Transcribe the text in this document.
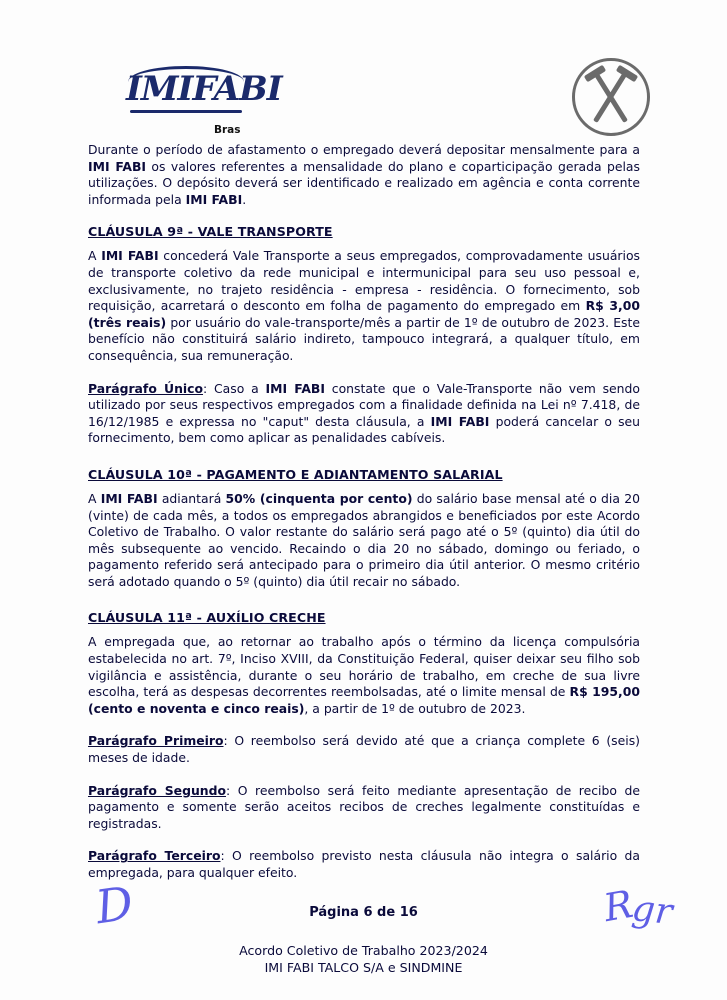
IMIFABI
Bras

Durante o período de afastamento o empregado deverá depositar mensalmente para a IMI FABI os valores referentes a mensalidade do plano e coparticipação gerada pelas utilizações. O depósito deverá ser identificado e realizado em agência e conta corrente informada pela IMI FABI.

CLÁUSULA 9ª - VALE TRANSPORTE

A IMI FABI concederá Vale Transporte a seus empregados, comprovadamente usuários de transporte coletivo da rede municipal e intermunicipal para seu uso pessoal e, exclusivamente, no trajeto residência - empresa - residência. O fornecimento, sob requisição, acarretará o desconto em folha de pagamento do empregado em R$ 3,00 (três reais) por usuário do vale-transporte/mês a partir de 1º de outubro de 2023. Este benefício não constituirá salário indireto, tampouco integrará, a qualquer título, em consequência, sua remuneração.

Parágrafo Único: Caso a IMI FABI constate que o Vale-Transporte não vem sendo utilizado por seus respectivos empregados com a finalidade definida na Lei nº 7.418, de 16/12/1985 e expressa no "caput" desta cláusula, a IMI FABI poderá cancelar o seu fornecimento, bem como aplicar as penalidades cabíveis.

CLÁUSULA 10ª - PAGAMENTO E ADIANTAMENTO SALARIAL

A IMI FABI adiantará 50% (cinquenta por cento) do salário base mensal até o dia 20 (vinte) de cada mês, a todos os empregados abrangidos e beneficiados por este Acordo Coletivo de Trabalho. O valor restante do salário será pago até o 5º (quinto) dia útil do mês subsequente ao vencido. Recaindo o dia 20 no sábado, domingo ou feriado, o pagamento referido será antecipado para o primeiro dia útil anterior. O mesmo critério será adotado quando o 5º (quinto) dia útil recair no sábado.

CLÁUSULA 11ª - AUXÍLIO CRECHE

A empregada que, ao retornar ao trabalho após o término da licença compulsória estabelecida no art. 7º, Inciso XVIII, da Constituição Federal, quiser deixar seu filho sob vigilância e assistência, durante o seu horário de trabalho, em creche de sua livre escolha, terá as despesas decorrentes reembolsadas, até o limite mensal de R$ 195,00 (cento e noventa e cinco reais), a partir de 1º de outubro de 2023.

Parágrafo Primeiro: O reembolso será devido até que a criança complete 6 (seis) meses de idade.

Parágrafo Segundo: O reembolso será feito mediante apresentação de recibo de pagamento e somente serão aceitos recibos de creches legalmente constituídas e registradas.

Parágrafo Terceiro: O reembolso previsto nesta cláusula não integra o salário da empregada, para qualquer efeito.

D	R
gr
Página 6 de 16
Acordo Coletivo de Trabalho 2023/2024
IMI FABI TALCO S/A e SINDMINE
